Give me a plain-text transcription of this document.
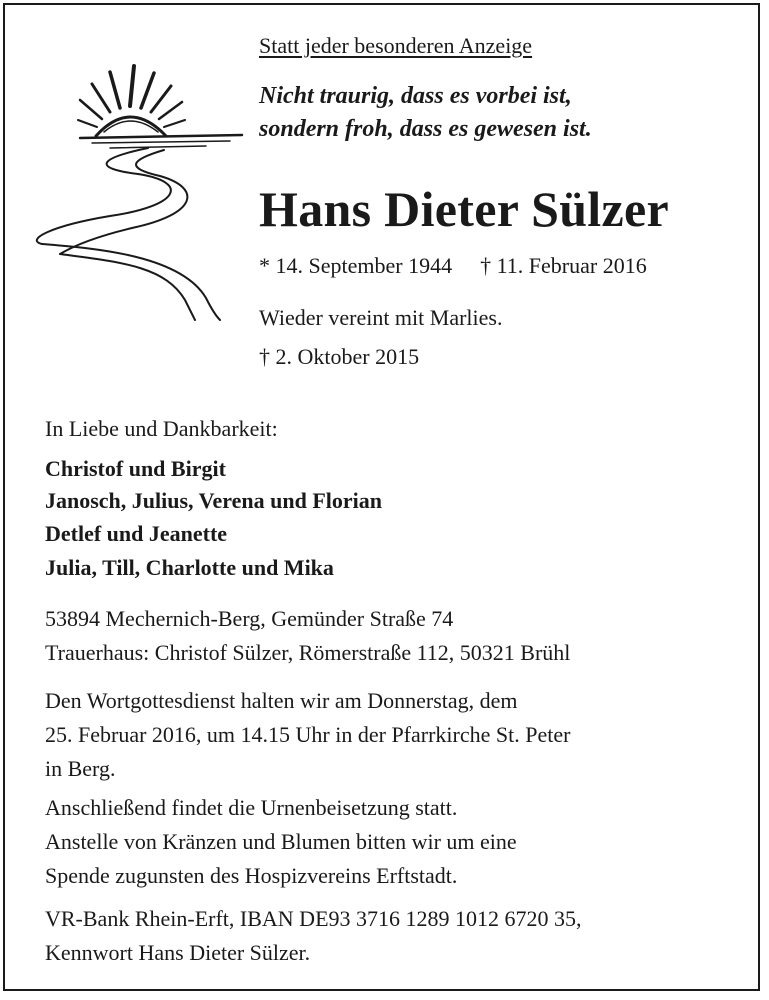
Statt jeder besonderen Anzeige

Nicht traurig, dass es vorbei ist,

sondern froh, dass es gewesen ist.

Hans Dieter Sülzer

* 14. September 1944 † 11. Februar 2016

Wieder vereint mit Marlies.

† 2. Oktober 2015

In Liebe und Dankbarkeit:

Christof und Birgit

Janosch, Julius, Verena und Florian

Detlef und Jeanette

Julia, Till, Charlotte und Mika

53894 Mechernich-Berg, Gemünder Straße 74

Trauerhaus: Christof Sülzer, Römerstraße 112, 50321 Brühl

Den Wortgottesdienst halten wir am Donnerstag, dem

25. Februar 2016, um 14.15 Uhr in der Pfarrkirche St. Peter

in Berg.

Anschließend findet die Urnenbeisetzung statt.

Anstelle von Kränzen und Blumen bitten wir um eine

Spende zugunsten des Hospizvereins Erftstadt.

VR-Bank Rhein-Erft, IBAN DE93 3716 1289 1012 6720 35,

Kennwort Hans Dieter Sülzer.
